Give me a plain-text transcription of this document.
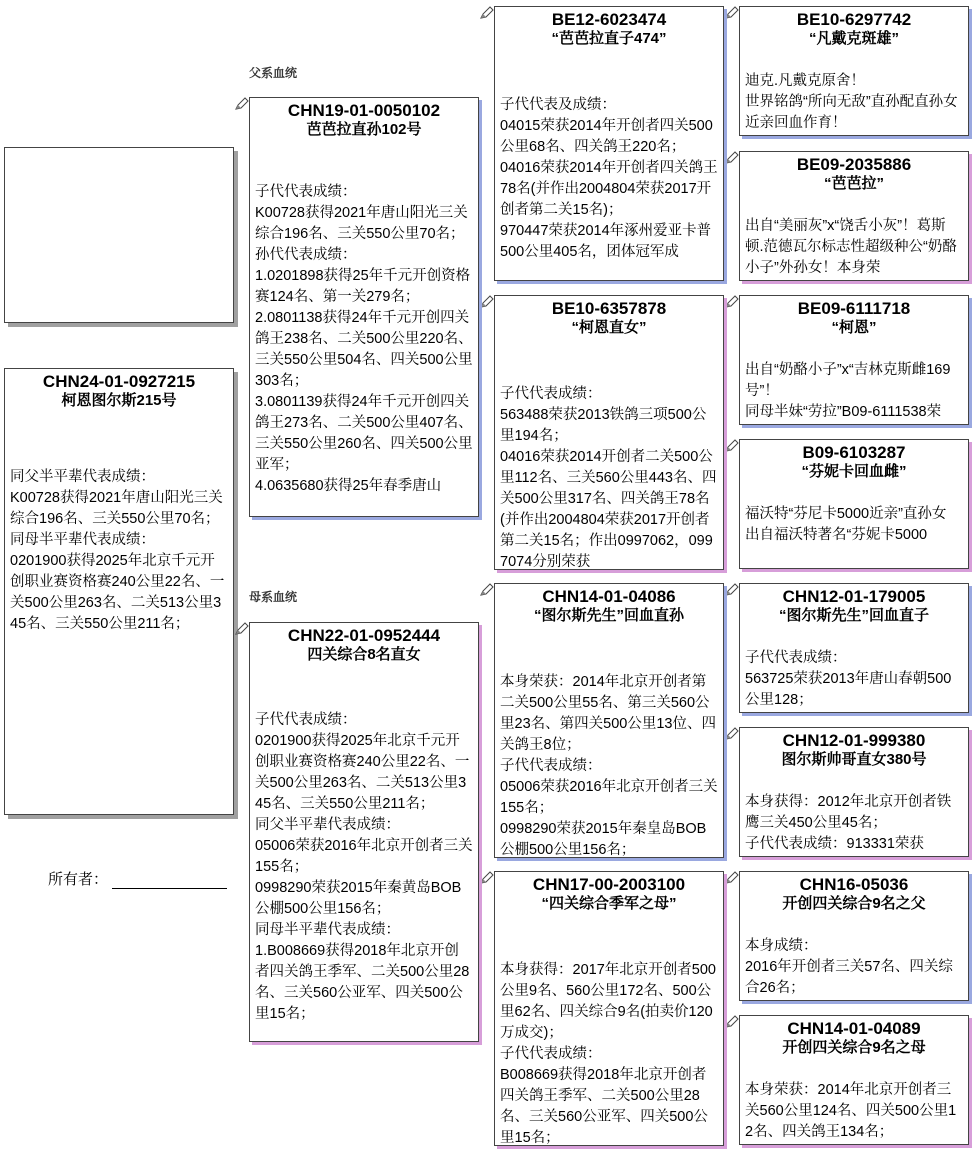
CHN24-01-0927215
柯恩图尔斯215号
同父半平辈代表成绩：
K00728获得2021年唐山阳光三关综合196名、三关550公里70名；
同母半平辈代表成绩：
0201900获得2025年北京千元开创职业赛资格赛240公里22名、一关500公里263名、二关513公里345名、三关550公里211名；
所有者：
父系血统
母系血统
CHN19-01-0050102
芭芭拉直孙102号
子代代表成绩：
K00728获得2021年唐山阳光三关综合196名、三关550公里70名；
孙代代表成绩：
1.0201898获得25年千元开创资格赛124名、第一关279名；
2.0801138获得24年千元开创四关鸽王238名、二关500公里220名、三关550公里504名、四关500公里303名；
3.0801139获得24年千元开创四关鸽王273名、二关500公里407名、三关550公里260名、四关500公里亚军；
4.0635680获得25年春季唐山
CHN22-01-0952444
四关综合8名直女
子代代表成绩：
0201900获得2025年北京千元开创职业赛资格赛240公里22名、一关500公里263名、二关513公里345名、三关550公里211名；
同父半平辈代表成绩：
05006荣获2016年北京开创者三关155名；
0998290荣获2015年秦黄岛BOB公棚500公里156名；
同母半平辈代表成绩：
1.B008669获得2018年北京开创者四关鸽王季军、二关500公里28名、三关560公亚军、四关500公里15名；
BE12-6023474
“芭芭拉直子474”
子代代表及成绩：
04015荣获2014年开创者四关500公里68名、四关鸽王220名；
04016荣获2014年开创者四关鸽王78名(并作出2004804荣获2017开创者第二关15名)；
970447荣获2014年涿州爱亚卡普500公里405名，团体冠军成
BE10-6357878
“柯恩直女”
子代代表成绩：
563488荣获2013铁鸽三项500公里194名；
04016荣获2014开创者二关500公里112名、三关560公里443名、四关500公里317名、四关鸽王78名(并作出2004804荣获2017开创者第二关15名；作出0997062，0997074分别荣获
CHN14-01-04086
“图尔斯先生”回血直孙
本身荣获：2014年北京开创者第二关500公里55名、第三关560公里23名、第四关500公里13位、四关鸽王8位；
子代代表成绩：
05006荣获2016年北京开创者三关155名；
0998290荣获2015年秦皇岛BOB公棚500公里156名；
CHN17-00-2003100
“四关综合季军之母”
本身获得：2017年北京开创者500公里9名、560公里172名、500公里62名、四关综合9名(拍卖价120万成交)；
子代代表成绩：
B008669获得2018年北京开创者四关鸽王季军、二关500公里28名、三关560公亚军、四关500公里15名；
BE10-6297742
“凡戴克斑雄”
迪克.凡戴克原舍！
世界铭鸽“所向无敌”直孙配直孙女近亲回血作育！
BE09-2035886
“芭芭拉”
出自“美丽灰”x“饶舌小灰”！葛斯顿.范德瓦尔标志性超级种公“奶酪小子”外孙女！本身荣
BE09-6111718
“柯恩”
出自“奶酪小子”x“吉林克斯雌169号”！
同母半妹“劳拉”B09-6111538荣
B09-6103287
“芬妮卡回血雌”
福沃特“芬尼卡5000近亲”直孙女
出自福沃特著名“芬妮卡5000
CHN12-01-179005
“图尔斯先生”回血直子
子代代表成绩：
563725荣获2013年唐山春朝500公里128；
CHN12-01-999380
图尔斯帅哥直女380号
本身获得：2012年北京开创者铁鹰三关450公里45名；
子代代表成绩：913331荣获
CHN16-05036
开创四关综合9名之父
本身成绩：
2016年开创者三关57名、四关综合26名；
CHN14-01-04089
开创四关综合9名之母
本身荣获：2014年北京开创者三关560公里124名、四关500公里12名、四关鸽王134名；
